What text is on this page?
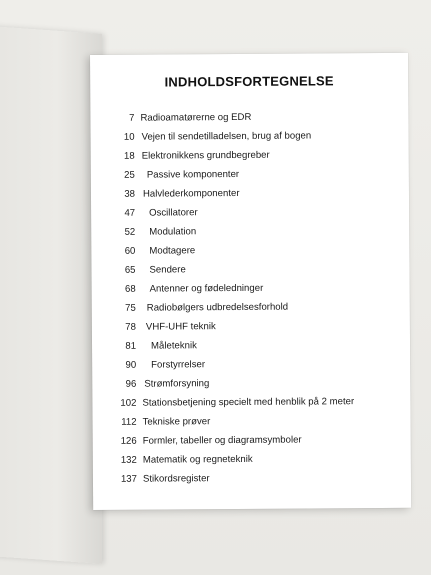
INDHOLDSFORTEGNELSE
7 Radioamatørerne og EDR
10 Vejen til sendetilladelsen, brug af bogen
18 Elektronikkens grundbegreber
25 Passive komponenter
38 Halvlederkomponenter
47 Oscillatorer
52 Modulation
60 Modtagere
65 Sendere
68 Antenner og fødeledninger
75 Radiobølgers udbredelsesforhold
78 VHF-UHF teknik
81 Måleteknik
90 Forstyrrelser
96 Strømforsyning
102 Stationsbetjening specielt med henblik på 2 meter
112 Tekniske prøver
126 Formler, tabeller og diagramsymboler
132 Matematik og regneteknik
137 Stikordsregister
